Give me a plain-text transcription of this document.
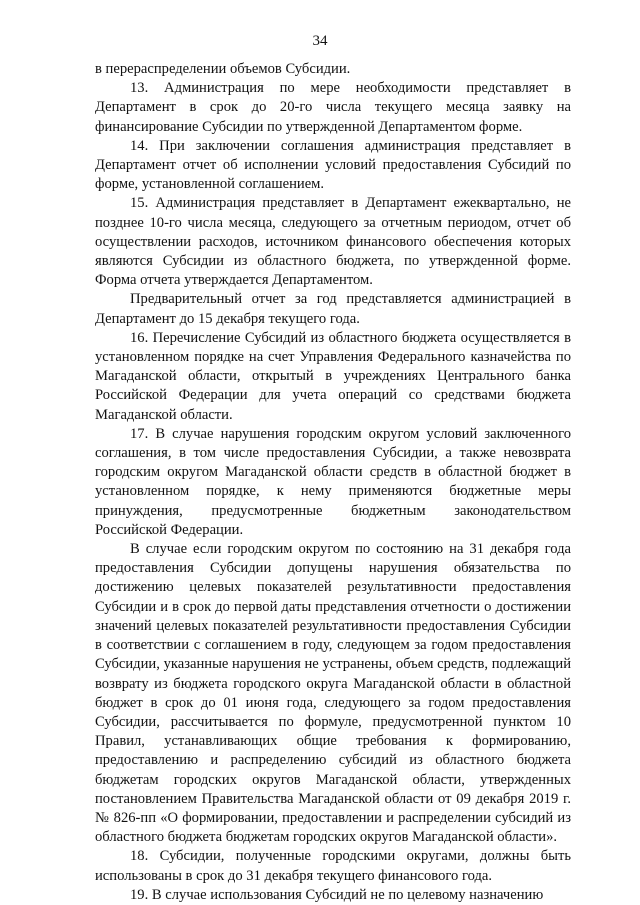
34

в перераспределении объемов Субсидии.

13. Администрация по мере необходимости представляет в Департамент в срок до 20-го числа текущего месяца заявку на финансирование Субсидии по утвержденной Департаментом форме.

14. При заключении соглашения администрация представляет в Департамент отчет об исполнении условий предоставления Субсидий по форме, установленной соглашением.

15. Администрация представляет в Департамент ежеквартально, не позднее 10-го числа месяца, следующего за отчетным периодом, отчет об осуществлении расходов, источником финансового обеспечения которых являются Субсидии из областного бюджета, по утвержденной форме. Форма отчета утверждается Департаментом.

Предварительный отчет за год представляется администрацией в Департамент до 15 декабря текущего года.

16. Перечисление Субсидий из областного бюджета осуществляется в установленном порядке на счет Управления Федерального казначейства по Магаданской области, открытый в учреждениях Центрального банка Российской Федерации для учета операций со средствами бюджета Магаданской области.

17. В случае нарушения городским округом условий заключенного соглашения, в том числе предоставления Субсидии, а также невозврата городским округом Магаданской области средств в областной бюджет в установленном порядке, к нему применяются бюджетные меры принуждения, предусмотренные бюджетным законодательством Российской Федерации.

В случае если городским округом по состоянию на 31 декабря года предоставления Субсидии допущены нарушения обязательства по достижению целевых показателей результативности предоставления Субсидии и в срок до первой даты представления отчетности о достижении значений целевых показателей результативности предоставления Субсидии в соответствии с соглашением в году, следующем за годом предоставления Субсидии, указанные нарушения не устранены, объем средств, подлежащий возврату из бюджета городского округа Магаданской области в областной бюджет в срок до 01 июня года, следующего за годом предоставления Субсидии, рассчитывается по формуле, предусмотренной пунктом 10 Правил, устанавливающих общие требования к формированию, предоставлению и распределению субсидий из областного бюджета бюджетам городских округов Магаданской области, утвержденных постановлением Правительства Магаданской области от 09 декабря 2019 г. № 826-пп «О формировании, предоставлении и распределении субсидий из областного бюджета бюджетам городских округов Магаданской области».

18. Субсидии, полученные городскими округами, должны быть использованы в срок до 31 декабря текущего финансового года.

19. В случае использования Субсидий не по целевому назначению
